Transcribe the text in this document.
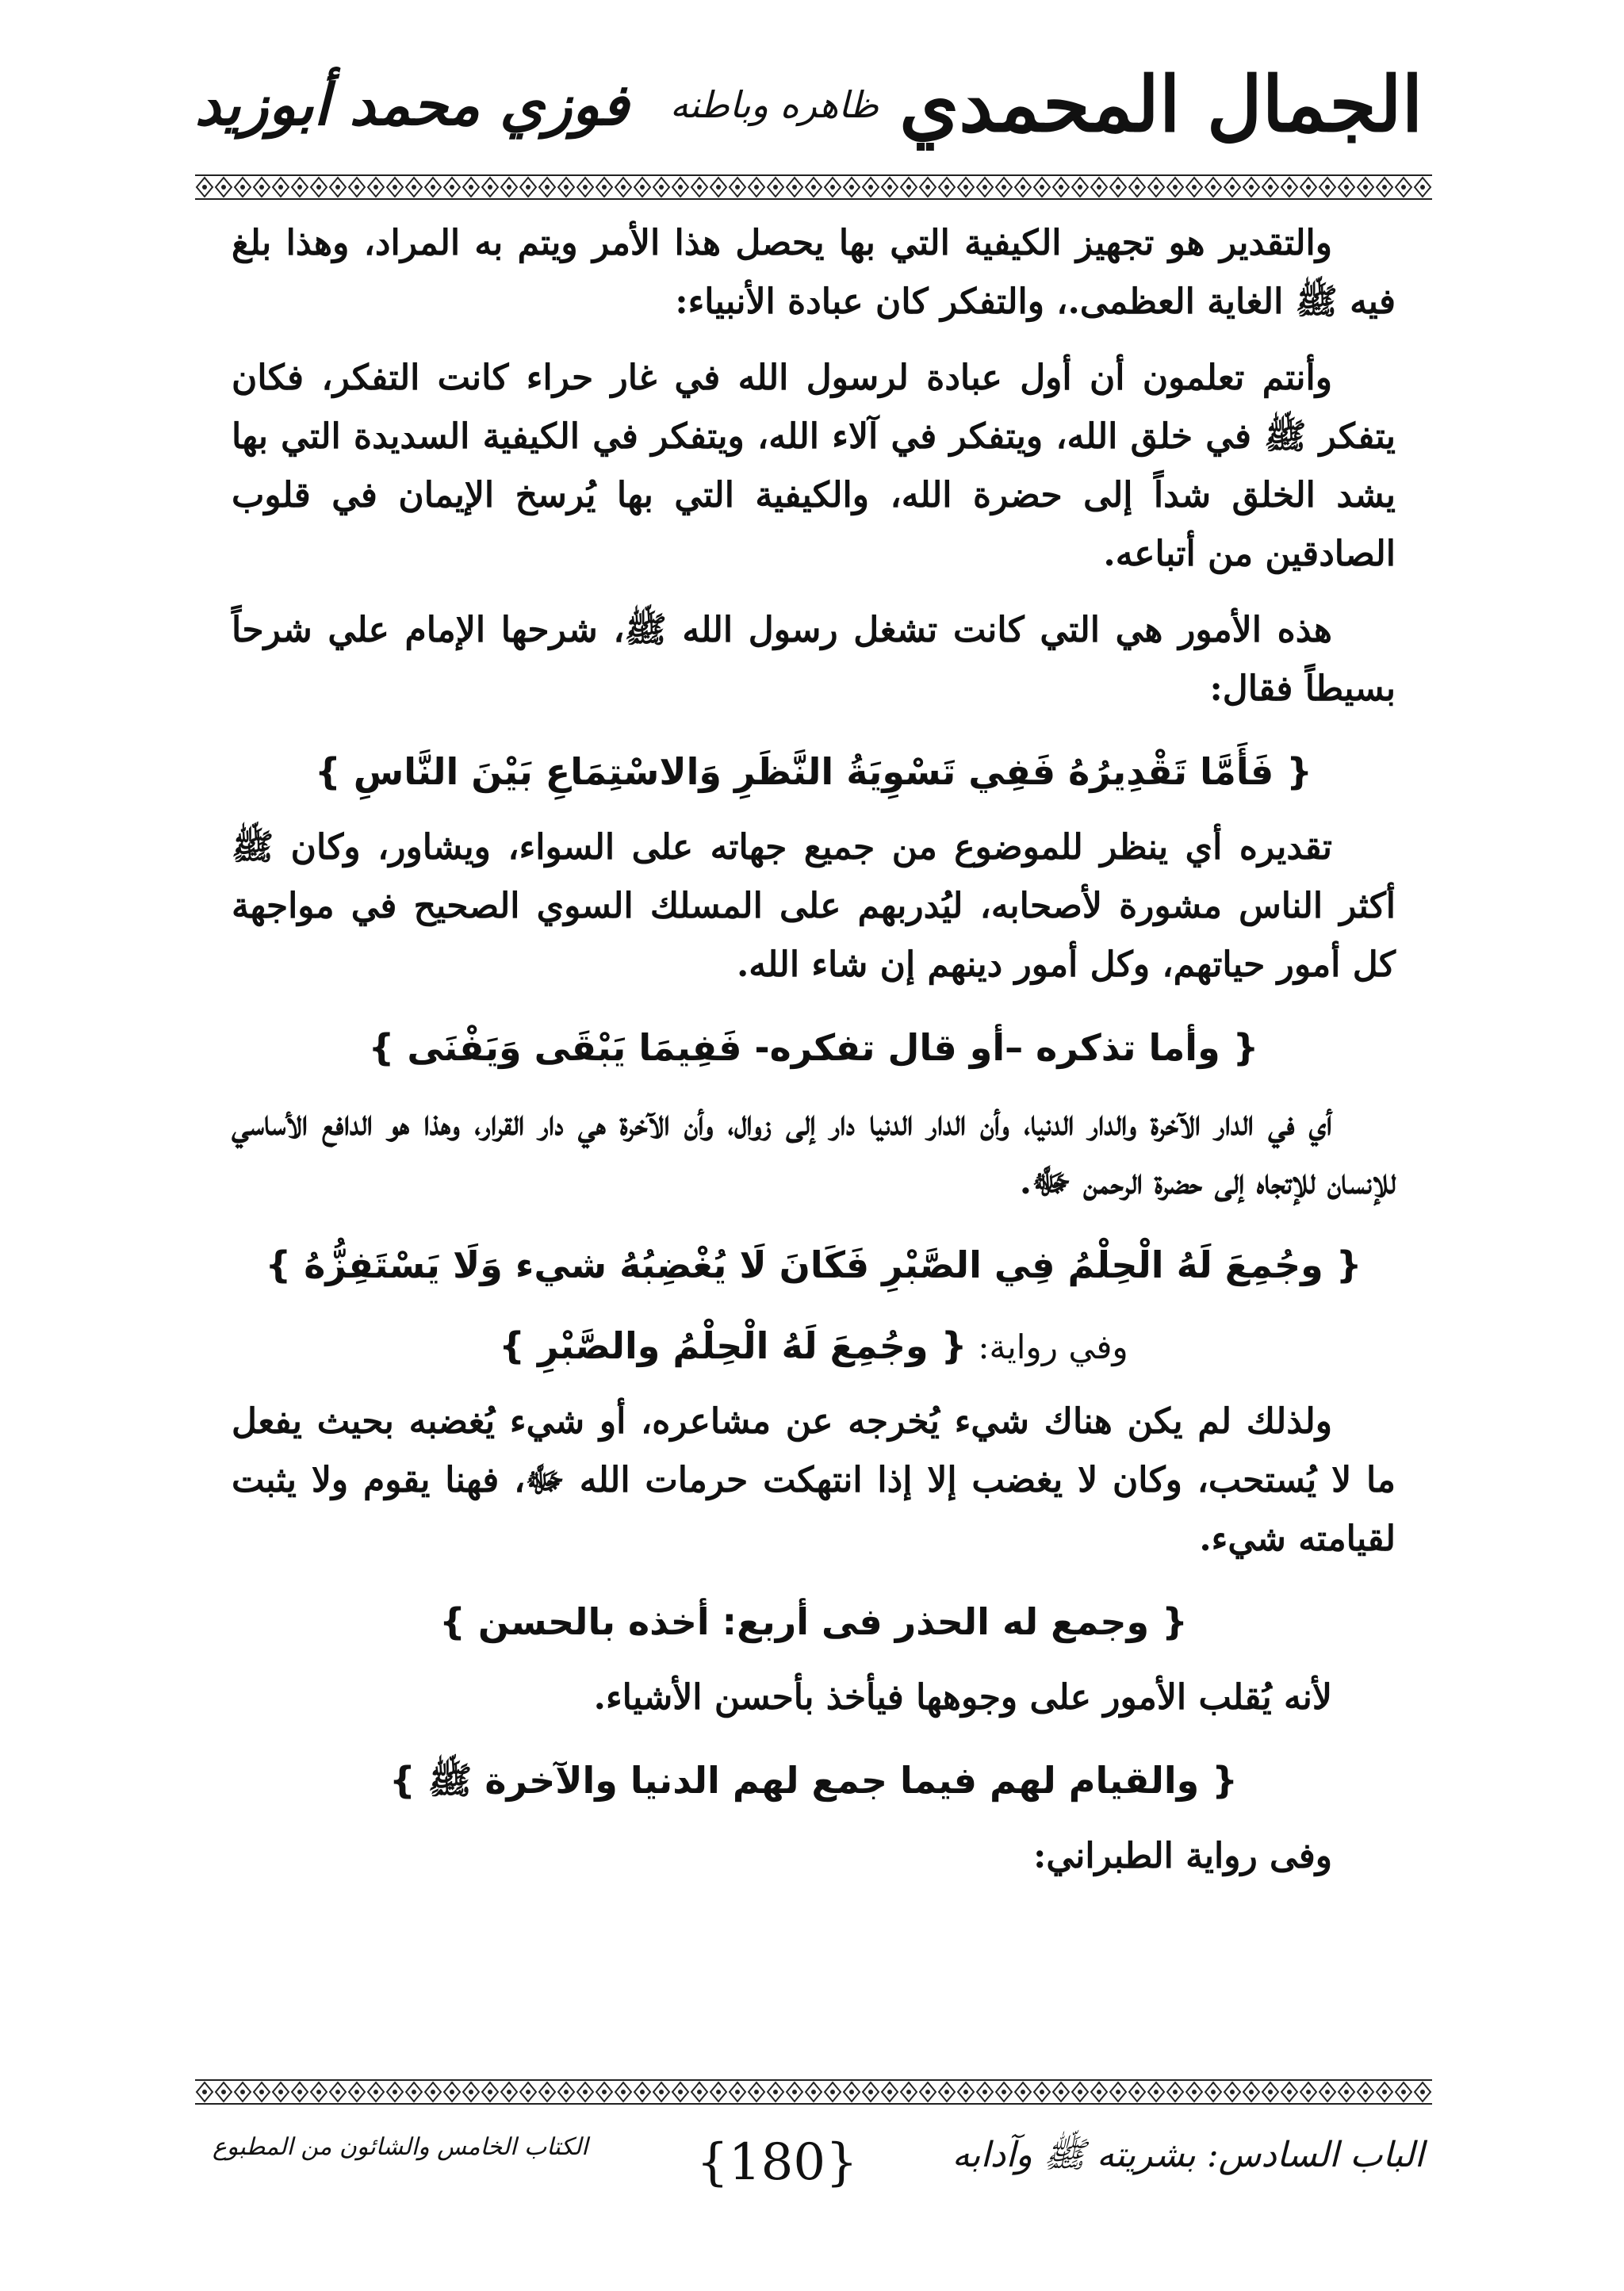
الجمال المحمدي
ظاهره وباطنه
فوزي محمد أبوزيد

والتقدير هو تجهيز الكيفية التي بها يحصل هذا الأمر ويتم به المراد، وهذا بلغ فيه ﷺ الغاية العظمى.، والتفكر كان عبادة الأنبياء:

وأنتم تعلمون أن أول عبادة لرسول الله في غار حراء كانت التفكر، فكان يتفكر ﷺ في خلق الله، ويتفكر في آلاء الله، ويتفكر في الكيفية السديدة التي بها يشد الخلق شداً إلى حضرة الله، والكيفية التي بها يُرسخ الإيمان في قلوب الصادقين من أتباعه.

هذه الأمور هي التي كانت تشغل رسول الله ﷺ، شرحها الإمام علي شرحاً بسيطاً فقال:

{ فَأَمَّا تَقْدِيرُهُ فَفِي تَسْوِيَةُ النَّظَرِ وَالاسْتِمَاعِ بَيْنَ النَّاسِ }

تقديره أي ينظر للموضوع من جميع جهاته على السواء، ويشاور، وكان ﷺ أكثر الناس مشورة لأصحابه، ليُدربهم على المسلك السوي الصحيح في مواجهة كل أمور حياتهم، وكل أمور دينهم إن شاء الله.

{ وأما تذكره –أو قال تفكره- فَفِيمَا يَبْقَى وَيَفْنَى }

أي في الدار الآخرة والدار الدنيا، وأن الدار الدنيا دار إلى زوال، وأن الآخرة هي دار القرار، وهذا هو الدافع الأساسي للإنسان للإتجاه إلى حضرة الرحمن ﷻ.

{ وجُمِعَ لَهُ الْحِلْمُ فِي الصَّبْرِ فَكَانَ لَا يُغْضِبُهُ شيء وَلَا يَسْتَفِزُّهُ }
وفي رواية: { وجُمِعَ لَهُ الْحِلْمُ والصَّبْرِ }

ولذلك لم يكن هناك شيء يُخرجه عن مشاعره، أو شيء يُغضبه بحيث يفعل ما لا يُستحب، وكان لا يغضب إلا إذا انتهكت حرمات الله ﷻ، فهنا يقوم ولا يثبت لقيامته شيء.

{ وجمع له الحذر فى أربع: أخذه بالحسن }

لأنه يُقلب الأمور على وجوهها فيأخذ بأحسن الأشياء.

{ والقيام لهم فيما جمع لهم الدنيا والآخرة ﷺ }

وفى رواية الطبراني:

الباب السادس: بشريته ﷺ وآدابه
{180}
الكتاب الخامس والشائون من المطبوع
